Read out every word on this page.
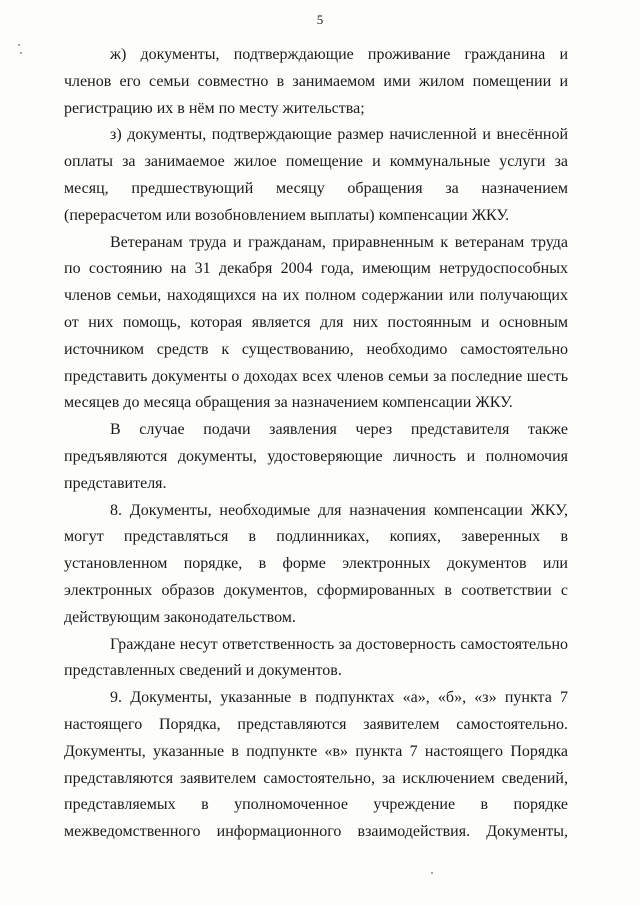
5

ж) документы, подтверждающие проживание гражданина и членов его семьи совместно в занимаемом ими жилом помещении и регистрацию их в нём по месту жительства;

з) документы, подтверждающие размер начисленной и внесённой оплаты за занимаемое жилое помещение и коммунальные услуги за месяц, предшествующий месяцу обращения за назначением (перерасчетом или возобновлением выплаты) компенсации ЖКУ.

Ветеранам труда и гражданам, приравненным к ветеранам труда по состоянию на 31 декабря 2004 года, имеющим нетрудоспособных членов семьи, находящихся на их полном содержании или получающих от них помощь, которая является для них постоянным и основным источником средств к существованию, необходимо самостоятельно представить документы о доходах всех членов семьи за последние шесть месяцев до месяца обращения за назначением компенсации ЖКУ.

В случае подачи заявления через представителя также предъявляются документы, удостоверяющие личность и полномочия представителя.

8. Документы, необходимые для назначения компенсации ЖКУ, могут представляться в подлинниках, копиях, заверенных в установленном порядке, в форме электронных документов или электронных образов документов, сформированных в соответствии с действующим законодательством.

Граждане несут ответственность за достоверность самостоятельно представленных сведений и документов.

9. Документы, указанные в подпунктах «а», «б», «з» пункта 7 настоящего Порядка, представляются заявителем самостоятельно. Документы, указанные в подпункте «в» пункта 7 настоящего Порядка представляются заявителем самостоятельно, за исключением сведений, представляемых в уполномоченное учреждение в порядке межведомственного информационного взаимодействия. Документы,
